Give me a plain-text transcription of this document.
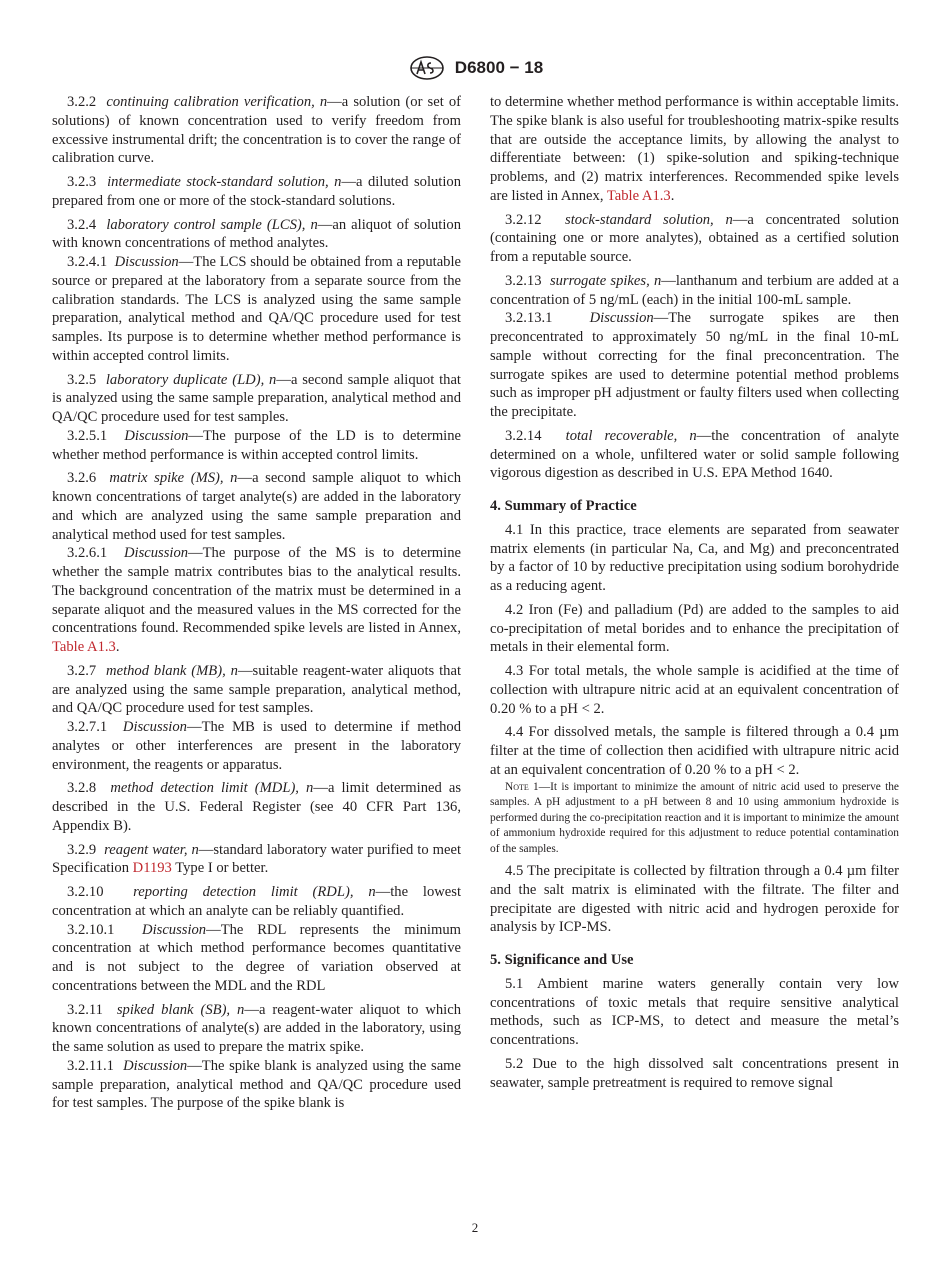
D6800 − 18

3.2.2 continuing calibration verification, n—a solution (or set of solutions) of known concentration used to verify freedom from excessive instrumental drift; the concentration is to cover the range of calibration curve.

3.2.3 intermediate stock-standard solution, n—a diluted solution prepared from one or more of the stock-standard solutions.

3.2.4 laboratory control sample (LCS), n—an aliquot of solution with known concentrations of method analytes.

3.2.4.1 Discussion—The LCS should be obtained from a reputable source or prepared at the laboratory from a separate source from the calibration standards. The LCS is analyzed using the same sample preparation, analytical method and QA/QC procedure used for test samples. Its purpose is to determine whether method performance is within accepted control limits.

3.2.5 laboratory duplicate (LD), n—a second sample aliquot that is analyzed using the same sample preparation, analytical method and QA/QC procedure used for test samples.

3.2.5.1 Discussion—The purpose of the LD is to determine whether method performance is within accepted control limits.

3.2.6 matrix spike (MS), n—a second sample aliquot to which known concentrations of target analyte(s) are added in the laboratory and which are analyzed using the same sample preparation and analytical method used for test samples.

3.2.6.1 Discussion—The purpose of the MS is to determine whether the sample matrix contributes bias to the analytical results. The background concentration of the matrix must be determined in a separate aliquot and the measured values in the MS corrected for the concentrations found. Recommended spike levels are listed in Annex, Table A1.3.

3.2.7 method blank (MB), n—suitable reagent-water aliquots that are analyzed using the same sample preparation, analytical method, and QA/QC procedure used for test samples.

3.2.7.1 Discussion—The MB is used to determine if method analytes or other interferences are present in the laboratory environment, the reagents or apparatus.

3.2.8 method detection limit (MDL), n—a limit determined as described in the U.S. Federal Register (see 40 CFR Part 136, Appendix B).

3.2.9 reagent water, n—standard laboratory water purified to meet Specification D1193 Type I or better.

3.2.10 reporting detection limit (RDL), n—the lowest concentration at which an analyte can be reliably quantified.

3.2.10.1 Discussion—The RDL represents the minimum concentration at which method performance becomes quantitative and is not subject to the degree of variation observed at concentrations between the MDL and the RDL

3.2.11 spiked blank (SB), n—a reagent-water aliquot to which known concentrations of analyte(s) are added in the laboratory, using the same solution as used to prepare the matrix spike.

3.2.11.1 Discussion—The spike blank is analyzed using the same sample preparation, analytical method and QA/QC procedure used for test samples. The purpose of the spike blank is

to determine whether method performance is within acceptable limits. The spike blank is also useful for troubleshooting matrix-spike results that are outside the acceptance limits, by allowing the analyst to differentiate between: (1) spike-solution and spiking-technique problems, and (2) matrix interferences. Recommended spike levels are listed in Annex, Table A1.3.

3.2.12 stock-standard solution, n—a concentrated solution (containing one or more analytes), obtained as a certified solution from a reputable source.

3.2.13 surrogate spikes, n—lanthanum and terbium are added at a concentration of 5 ng/mL (each) in the initial 100-mL sample.

3.2.13.1	Discussion—The surrogate spikes are then preconcentrated to approximately 50 ng/mL in the final 10-mL sample without correcting for the final preconcentration. The surrogate spikes are used to determine potential method problems such as improper pH adjustment or faulty filters used when collecting the precipitate.

3.2.14 total recoverable, n—the concentration of analyte determined on a whole, unfiltered water or solid sample following vigorous digestion as described in U.S. EPA Method 1640.

4. Summary of Practice

4.1 In this practice, trace elements are separated from seawater matrix elements (in particular Na, Ca, and Mg) and preconcentrated by a factor of 10 by reductive precipitation using sodium borohydride as a reducing agent.

4.2 Iron (Fe) and palladium (Pd) are added to the samples to aid co-precipitation of metal borides and to enhance the precipitation of metals in their elemental form.

4.3 For total metals, the whole sample is acidified at the time of collection with ultrapure nitric acid at an equivalent concentration of 0.20 % to a pH < 2.

4.4 For dissolved metals, the sample is filtered through a 0.4 µm filter at the time of collection then acidified with ultrapure nitric acid at an equivalent concentration of 0.20 % to a pH < 2.

Note 1—It is important to minimize the amount of nitric acid used to preserve the samples. A pH adjustment to a pH between 8 and 10 using ammonium hydroxide is performed during the co-precipitation reaction and it is important to minimize the amount of ammonium hydroxide required for this adjustment to reduce potential contamination of the samples.

4.5 The precipitate is collected by filtration through a 0.4 µm filter and the salt matrix is eliminated with the filtrate. The filter and precipitate are digested with nitric acid and hydrogen peroxide for analysis by ICP-MS.

5. Significance and Use

5.1 Ambient marine waters generally contain very low concentrations of toxic metals that require sensitive analytical methods, such as ICP-MS, to detect and measure the metal’s concentrations.

5.2 Due to the high dissolved salt concentrations present in seawater, sample pretreatment is required to remove signal

2
